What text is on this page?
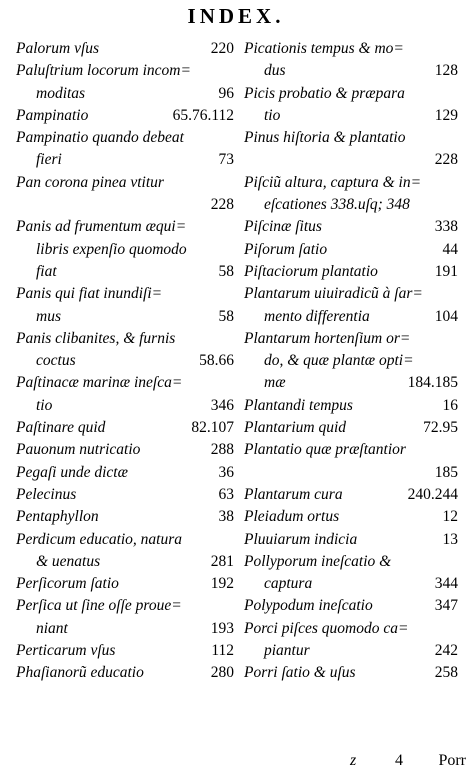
INDEX.
Palorum vſus	220
Paluſtrium locorum incom=
moditas	96
Pampinatio	65.76.112
Pampinatio quando debeat
fieri	73
Pan corona pinea vtitur
228
Panis ad frumentum æqui=
libris expenſio quomodo
fiat	58
Panis qui fiat inundiſi=
mus	58
Panis clibanites, & furnis
coctus	58.66
Paſtinacæ marinæ ineſca=
tio	346
Paſtinare quid	82.107
Pauonum nutricatio	288
Pegaſi unde dictæ	36
Pelecinus	63
Pentaphyllon	38
Perdicum educatio, natura
& uenatus	281
Perſicorum ſatio	192
Perſica ut ſine oſſe proue=
niant	193
Perticarum vſus	112
Phaſianorũ educatio	280
Picationis tempus & mo=
dus	128
Picis probatio & præpara
tio	129
Pinus hiſtoria & plantatio
228
Piſciũ altura, captura & in=
eſcationes 338.uſq; 348
Piſcinæ ſitus	338
Piſorum ſatio	44
Piſtaciorum plantatio	191
Plantarum uiuiradicũ à ſar=
mento differentia	104
Plantarum hortenſium or=
do, & quæ plantæ opti=
mæ	184.185
Plantandi tempus	16
Plantarium quid	72.95
Plantatio quæ præſtantior
185
Plantarum cura	240.244
Pleiadum ortus	12
Pluuiarum indicia	13
Pollyporum ineſcatio &
captura	344
Polypodum ineſcatio	347
Porci piſces quomodo ca=
piantur	242
Porri ſatio & uſus	258
z 4 Porr
